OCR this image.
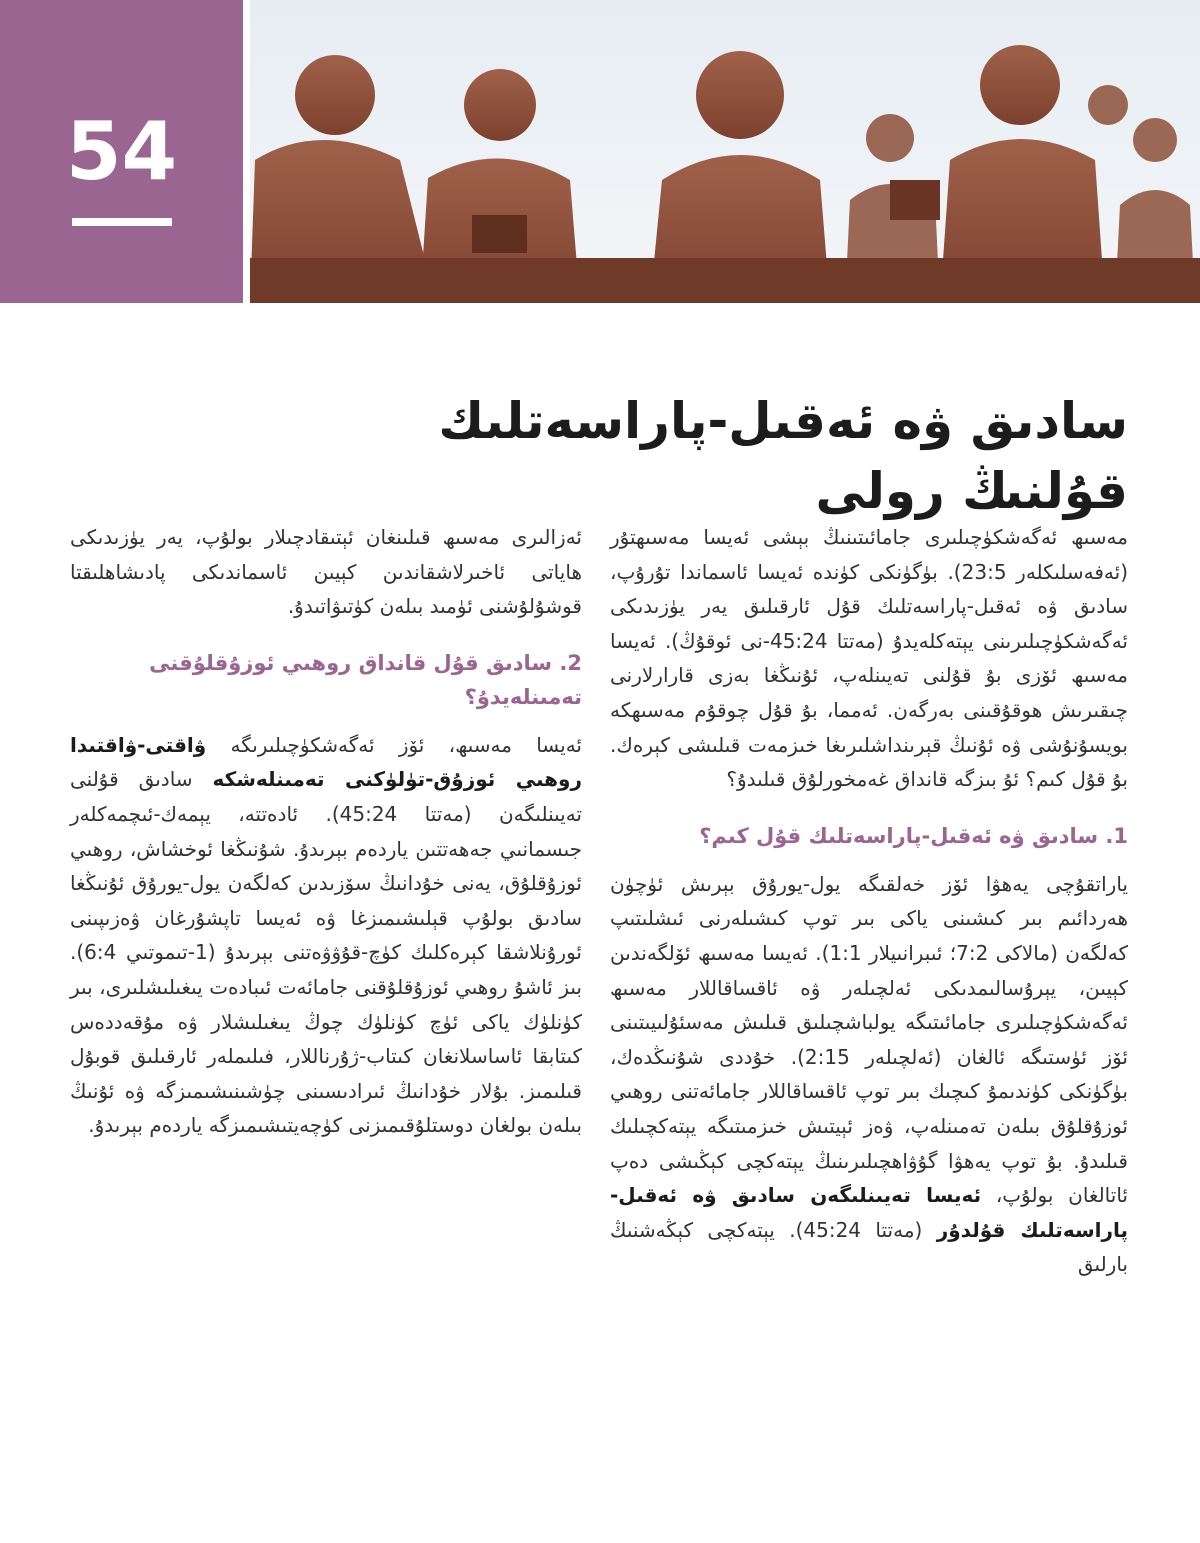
54
سادىق ۋە ئەقىل-پاراسەتلىك قۇلنىڭ رولى

مەسىھ ئەگەشكۈچىلىرى جامائىتىنىڭ بېشى ئەيسا مەسىھتۇر (ئەفەسلىكلەر 23:5). بۈگۈنكى كۈندە ئەيسا ئاسماندا تۇرۇپ، سادىق ۋە ئەقىل-پاراسەتلىك قۇل ئارقىلىق يەر يۈزىدىكى ئەگەشكۈچىلىرىنى يېتەكلەيدۇ (مەتتا 45:24-نى ئوقۇڭ). ئەيسا مەسىھ ئۆزى بۇ قۇلنى تەيىنلەپ، ئۇنىڭغا بەزى قارارلارنى چىقىرىش هوقۇقىنى بەرگەن. ئەمما، بۇ قۇل چوقۇم مەسىھكە بويسۇنۇشى ۋە ئۇنىڭ قېرىنداشلىرىغا خىزمەت قىلىشى كېرەك. بۇ قۇل كىم؟ ئۇ بىزگە قانداق غەمخورلۇق قىلىدۇ؟

1. سادىق ۋە ئەقىل-پاراسەتلىك قۇل كىم؟

ياراتقۇچى يەهۋا ئۆز خەلقىگە يول-يورۇق بېرىش ئۈچۈن هەردائىم بىر كىشىنى ياكى بىر توپ كىشىلەرنى ئىشلىتىپ كەلگەن (مالاكى 7:2؛ ئىبرانىيلار 1:1). ئەيسا مەسىھ ئۆلگەندىن كېيىن، يېرۇسالىمدىكى ئەلچىلەر ۋە ئاقساقاللار مەسىھ ئەگەشكۈچىلىرى جامائىتىگە يولباشچىلىق قىلىش مەسئۇلىيىتىنى ئۆز ئۈستىگە ئالغان (ئەلچىلەر 2:15). خۇددى شۇنىڭدەك، بۈگۈنكى كۈندىمۇ كىچىك بىر توپ ئاقساقاللار جامائەتنى روهىي ئوزۇقلۇق بىلەن تەمىنلەپ، ۋەز ئېيتىش خىزمىتىگە يېتەكچىلىك قىلىدۇ. بۇ توپ يەهۋا گۇۋاهچىلىرىنىڭ يېتەكچى كېڭىشى دەپ ئاتالغان بولۇپ، ئەيسا تەيىنلىگەن سادىق ۋە ئەقىل-پاراسەتلىك قۇلدۇر (مەتتا 45:24). يېتەكچى كېڭەشنىڭ بارلىق

ئەزالىرى مەسىھ قىلىنغان ئېتىقادچىلار بولۇپ، يەر يۈزىدىكى هاياتى ئاخىرلاشقاندىن كېيىن ئاسماندىكى پادىشاهلىقتا قوشۇلۇشنى ئۈمىد بىلەن كۈتىۋاتىدۇ.

2. سادىق قۇل قانداق روهىي ئوزۇقلۇقنى تەمىنلەيدۇ؟

ئەيسا مەسىھ، ئۆز ئەگەشكۈچىلىرىگە ۋاقتى-ۋاقتىدا روهىي ئوزۇق-تۈلۈكنى تەمىنلەشكە سادىق قۇلنى تەيىنلىگەن (مەتتا 45:24). ئادەتتە، يېمەك-ئىچمەكلەر جىسمانىي جەهەتتىن ياردەم بېرىدۇ. شۇنىڭغا ئوخشاش، روهىي ئوزۇقلۇق، يەنى خۇدانىڭ سۆزىدىن كەلگەن يول-يورۇق ئۇنىڭغا سادىق بولۇپ قېلىشىمىزغا ۋە ئەيسا تاپشۇرغان ۋەزىپىنى ئورۇنلاشقا كېرەكلىك كۈچ-قۇۋۋەتنى بېرىدۇ (1-تىموتىي 6:4). بىز ئاشۇ روهىي ئوزۇقلۇقنى جامائەت ئىبادەت يىغىلىشلىرى، بىر كۈنلۈك ياكى ئۈچ كۈنلۈك چوڭ يىغىلىشلار ۋە مۇقەددەس كىتابقا ئاساسلانغان كىتاب-ژۇرناللار، فىلىملەر ئارقىلىق قوبۇل قىلىمىز. بۇلار خۇدانىڭ ئىرادىسىنى چۈشىنىشىمىزگە ۋە ئۇنىڭ بىلەن بولغان دوستلۇقىمىزنى كۈچەيتىشىمىزگە ياردەم بېرىدۇ.
